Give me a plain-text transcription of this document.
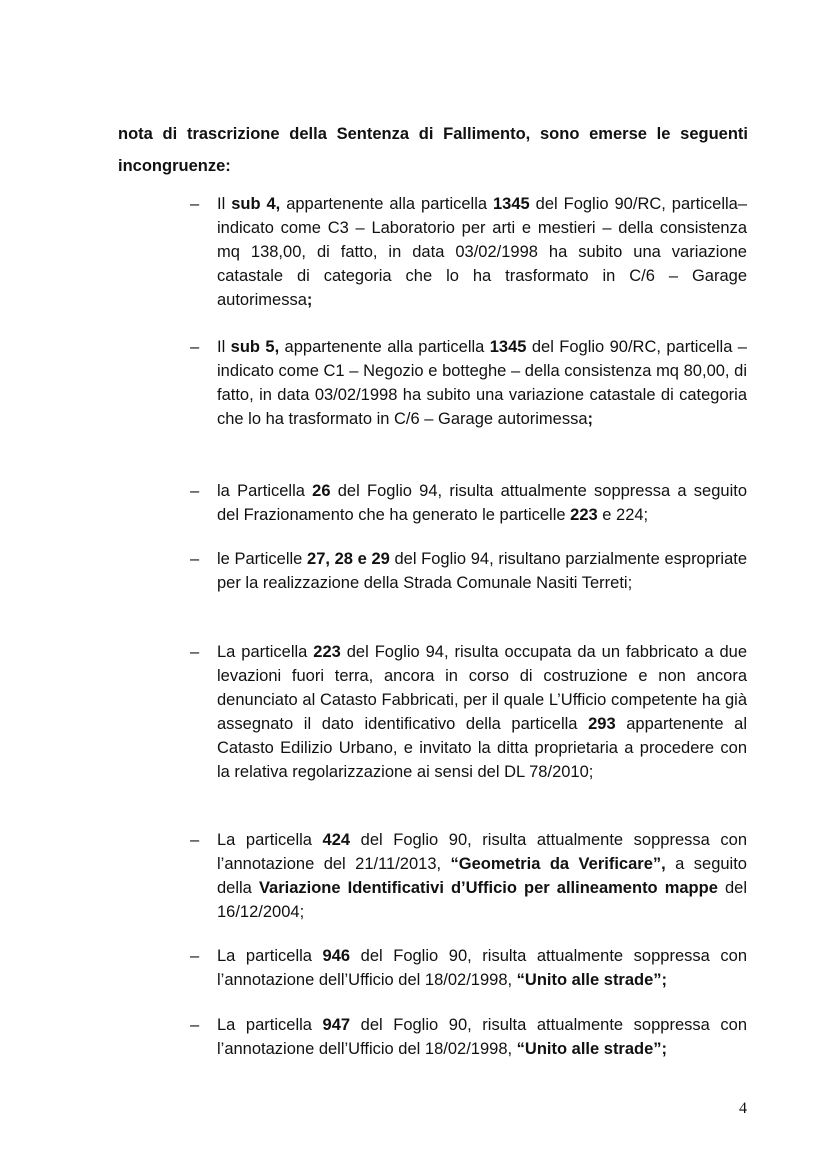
nota di trascrizione della Sentenza di Fallimento, sono emerse le seguenti
incongruenze:

–	Il sub 4, appartenente alla particella 1345 del Foglio 90/RC, particella– indicato come C3 – Laboratorio per arti e mestieri – della consistenza mq 138,00, di fatto, in data 03/02/1998 ha subito una variazione catastale di categoria che lo ha trasformato in C/6 – Garage autorimessa;

–	Il sub 5, appartenente alla particella 1345 del Foglio 90/RC, particella – indicato come C1 – Negozio e botteghe – della consistenza mq 80,00, di fatto, in data 03/02/1998 ha subito una variazione catastale di categoria che lo ha trasformato in C/6 – Garage autorimessa;

–	la Particella 26 del Foglio 94, risulta attualmente soppressa a seguito del Frazionamento che ha generato le particelle 223 e 224;

–	le Particelle 27, 28 e 29 del Foglio 94, risultano parzialmente espropriate per la realizzazione della Strada Comunale Nasiti Terreti;

–	La particella 223 del Foglio 94, risulta occupata da un fabbricato a due levazioni fuori terra, ancora in corso di costruzione e non ancora denunciato al Catasto Fabbricati, per il quale L’Ufficio competente ha già assegnato il dato identificativo della particella 293 appartenente al Catasto Edilizio Urbano, e invitato la ditta proprietaria a procedere con la relativa regolarizzazione ai sensi del DL 78/2010;

–	La particella 424 del Foglio 90, risulta attualmente soppressa con l’annotazione del 21/11/2013, “Geometria da Verificare”, a seguito della Variazione Identificativi d’Ufficio per allineamento mappe del 16/12/2004;

–	La particella 946 del Foglio 90, risulta attualmente soppressa con l’annotazione dell’Ufficio del 18/02/1998, “Unito alle strade”;

–	La particella 947 del Foglio 90, risulta attualmente soppressa con l’annotazione dell’Ufficio del 18/02/1998, “Unito alle strade”;

4
